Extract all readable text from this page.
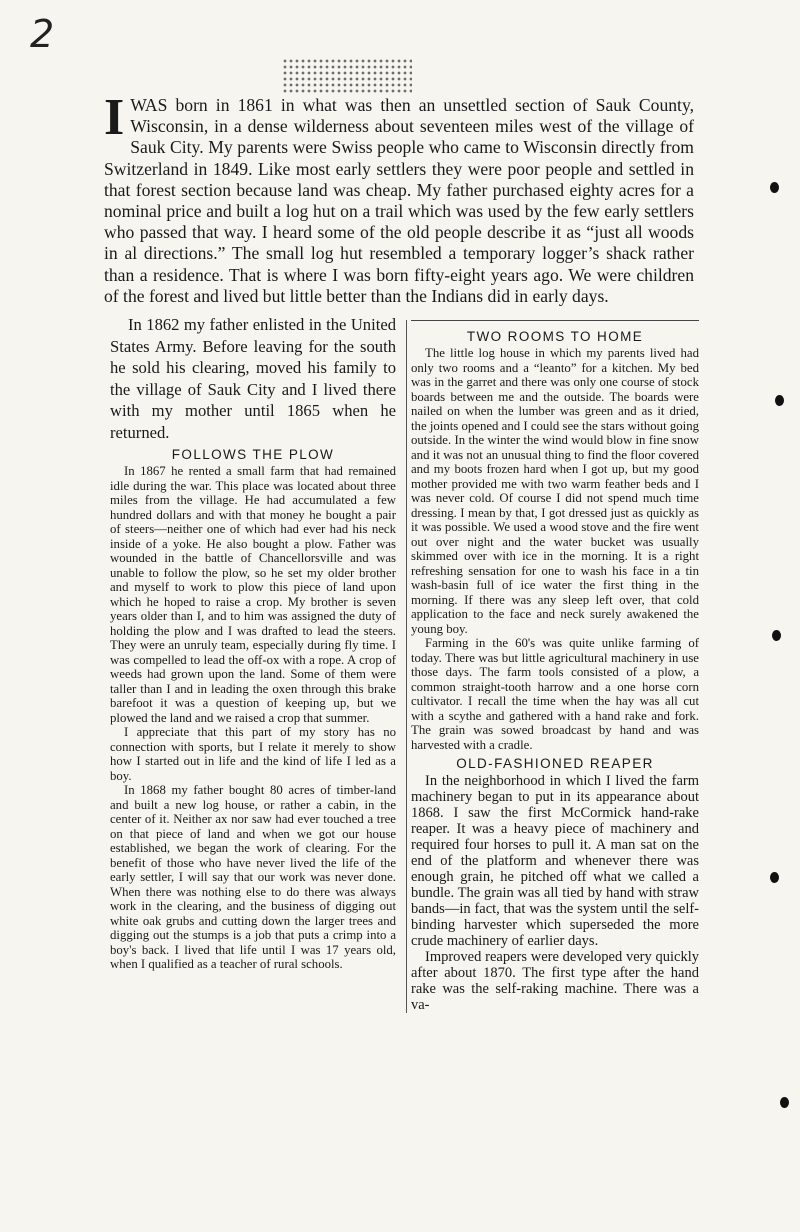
2
I WAS born in 1861 in what was then an unsettled section of Sauk County, Wisconsin, in a dense wilderness about seventeen miles west of the village of Sauk City. My parents were Swiss people who came to Wisconsin directly from Switzerland in 1849. Like most early settlers they were poor people and settled in that forest section because land was cheap. My father purchased eighty acres for a nominal price and built a log hut on a trail which was used by the few early settlers who passed that way. I heard some of the old people describe it as “just all woods in al directions.” The small log hut resembled a temporary logger’s shack rather than a residence. That is where I was born fifty-eight years ago. We were children of the forest and lived but little better than the Indians did in early days.

In 1862 my father enlisted in the United States Army. Before leaving for the south he sold his clearing, moved his family to the village of Sauk City and I lived there with my mother until 1865 when he returned.

FOLLOWS THE PLOW

In 1867 he rented a small farm that had remained idle during the war. This place was located about three miles from the village. He had accumulated a few hundred dollars and with that money he bought a pair of steers—neither one of which had ever had his neck inside of a yoke. He also bought a plow. Father was wounded in the battle of Chancellorsville and was unable to follow the plow, so he set my older brother and myself to work to plow this piece of land upon which he hoped to raise a crop. My brother is seven years older than I, and to him was assigned the duty of holding the plow and I was drafted to lead the steers. They were an unruly team, especially during fly time. I was compelled to lead the off-ox with a rope. A crop of weeds had grown upon the land. Some of them were taller than I and in leading the oxen through this brake barefoot it was a question of keeping up, but we plowed the land and we raised a crop that summer.

I appreciate that this part of my story has no connection with sports, but I relate it merely to show how I started out in life and the kind of life I led as a boy.

In 1868 my father bought 80 acres of timber-land and built a new log house, or rather a cabin, in the center of it. Neither ax nor saw had ever touched a tree on that piece of land and when we got our house established, we began the work of clearing. For the benefit of those who have never lived the life of the early settler, I will say that our work was never done. When there was nothing else to do there was always work in the clearing, and the business of digging out white oak grubs and cutting down the larger trees and digging out the stumps is a job that puts a crimp into a boy's back. I lived that life until I was 17 years old, when I qualified as a teacher of rural schools.

TWO ROOMS TO HOME

The little log house in which my parents lived had only two rooms and a “leanto” for a kitchen. My bed was in the garret and there was only one course of stock boards between me and the outside. The boards were nailed on when the lumber was green and as it dried, the joints opened and I could see the stars without going outside. In the winter the wind would blow in fine snow and it was not an unusual thing to find the floor covered and my boots frozen hard when I got up, but my good mother provided me with two warm feather beds and I was never cold. Of course I did not spend much time dressing. I mean by that, I got dressed just as quickly as it was possible. We used a wood stove and the fire went out over night and the water bucket was usually skimmed over with ice in the morning. It is a right refreshing sensation for one to wash his face in a tin wash-basin full of ice water the first thing in the morning. If there was any sleep left over, that cold application to the face and neck surely awakened the young boy.

Farming in the 60's was quite unlike farming of today. There was but little agricultural machinery in use those days. The farm tools consisted of a plow, a common straight-tooth harrow and a one horse corn cultivator. I recall the time when the hay was all cut with a scythe and gathered with a hand rake and fork. The grain was sowed broadcast by hand and was harvested with a cradle.

OLD-FASHIONED REAPER

In the neighborhood in which I lived the farm machinery began to put in its appearance about 1868. I saw the first McCormick hand-rake reaper. It was a heavy piece of machinery and required four horses to pull it. A man sat on the end of the platform and whenever there was enough grain, he pitched off what we called a bundle. The grain was all tied by hand with straw bands—in fact, that was the system until the self-binding harvester which superseded the more crude machinery of earlier days.

Improved reapers were developed very quickly after about 1870. The first type after the hand rake was the self-raking machine. There was a va-
